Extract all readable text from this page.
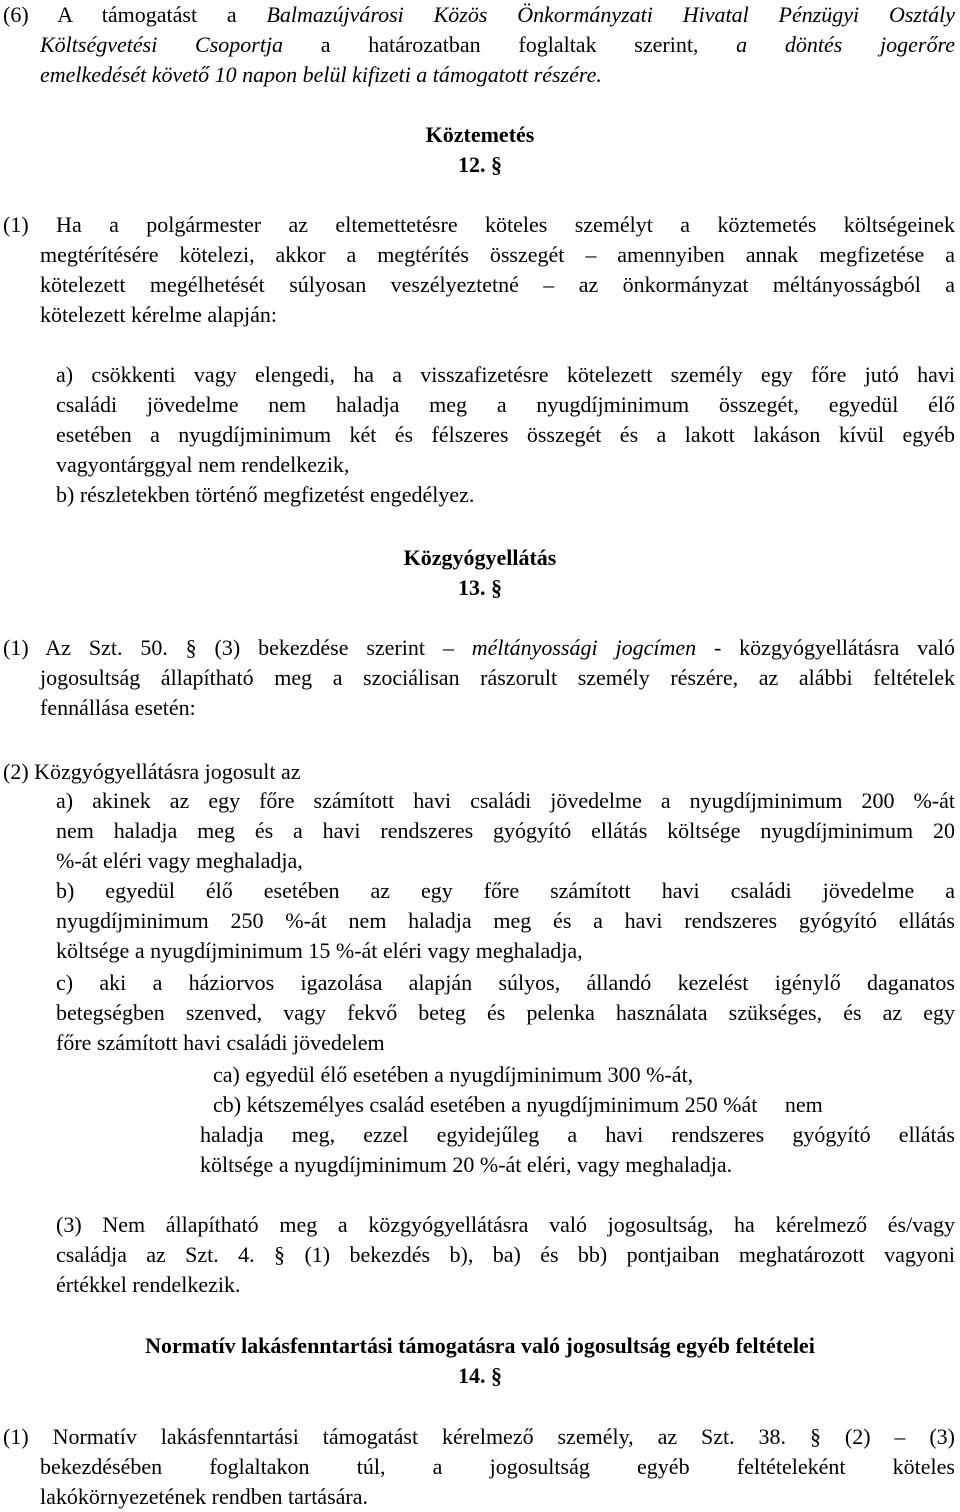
(6) A támogatást a Balmazújvárosi Közös Önkormányzati Hivatal Pénzügyi Osztály
Költségvetési Csoportja a határozatban foglaltak szerint, a döntés jogerőre
emelkedését követő 10 napon belül kifizeti a támogatott részére.
Köztemetés
12. §
(1) Ha a polgármester az eltemettetésre köteles személyt a köztemetés költségeinek
megtérítésére kötelezi, akkor a megtérítés összegét – amennyiben annak megfizetése a
kötelezett megélhetését súlyosan veszélyeztetné – az önkormányzat méltányosságból a
kötelezett kérelme alapján:
a) csökkenti vagy elengedi, ha a visszafizetésre kötelezett személy egy főre jutó havi
családi jövedelme nem haladja meg a nyugdíjminimum összegét, egyedül élő
esetében a nyugdíjminimum két és félszeres összegét és a lakott lakáson kívül egyéb
vagyontárggyal nem rendelkezik,
b) részletekben történő megfizetést engedélyez.
Közgyógyellátás
13. §
(1) Az Szt. 50. § (3) bekezdése szerint – méltányossági jogcímen - közgyógyellátásra való
jogosultság állapítható meg a szociálisan rászorult személy részére, az alábbi feltételek
fennállása esetén:
(2) Közgyógyellátásra jogosult az
a) akinek az egy főre számított havi családi jövedelme a nyugdíjminimum 200 %-át
nem haladja meg és a havi rendszeres gyógyító ellátás költsége nyugdíjminimum 20
%-át eléri vagy meghaladja,
b) egyedül élő esetében az egy főre számított havi családi jövedelme a
nyugdíjminimum 250 %-át nem haladja meg és a havi rendszeres gyógyító ellátás
költsége a nyugdíjminimum 15 %-át eléri vagy meghaladja,
c) aki a háziorvos igazolása alapján súlyos, állandó kezelést igénylő daganatos
betegségben szenved, vagy fekvő beteg és pelenka használata szükséges, és az egy
főre számított havi családi jövedelem
ca) egyedül élő esetében a nyugdíjminimum 300 %-át,
cb) kétszemélyes család esetében a nyugdíjminimum 250 %át     nem
haladja meg, ezzel egyidejűleg a havi rendszeres gyógyító ellátás
költsége a nyugdíjminimum 20 %-át eléri, vagy meghaladja.
(3) Nem állapítható meg a közgyógyellátásra való jogosultság, ha kérelmező és/vagy
családja az Szt. 4. § (1) bekezdés b), ba) és bb) pontjaiban meghatározott vagyoni
értékkel rendelkezik.
Normatív lakásfenntartási támogatásra való jogosultság egyéb feltételei
14. §
(1) Normatív lakásfenntartási támogatást kérelmező személy, az Szt. 38. § (2) – (3)
bekezdésében foglaltakon túl, a jogosultság egyéb feltételeként köteles
lakókörnyezetének rendben tartására.
